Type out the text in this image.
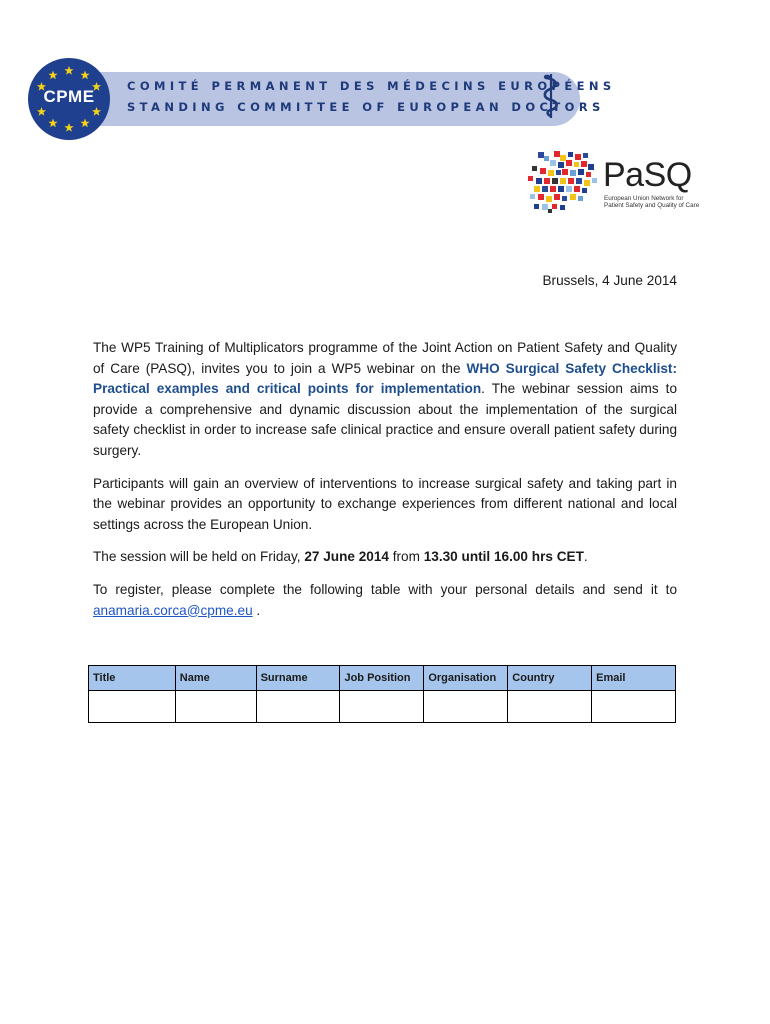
CPME
COMITÉ PERMANENT DES MÉDECINS EUROPÉENS
STANDING COMMITTEE OF EUROPEAN DOCTORS
PaSQ
European Union Network for
Patient Safety and Quality of Care
Brussels, 4 June 2014

The WP5 Training of Multiplicators programme of the Joint Action on Patient Safety and Quality of Care (PASQ), invites you to join a WP5 webinar on the WHO Surgical Safety Checklist: Practical examples and critical points for implementation. The webinar session aims to provide a comprehensive and dynamic discussion about the implementation of the surgical safety checklist in order to increase safe clinical practice and ensure overall patient safety during surgery.

Participants will gain an overview of interventions to increase surgical safety and taking part in the webinar provides an opportunity to exchange experiences from different national and local settings across the European Union.

The session will be held on Friday, 27 June 2014 from 13.30 until 16.00 hrs CET.

To register, please complete the following table with your personal details and send it to anamaria.corca@cpme.eu .

Title	Name	Surname	Job Position	Organisation	Country	Email
